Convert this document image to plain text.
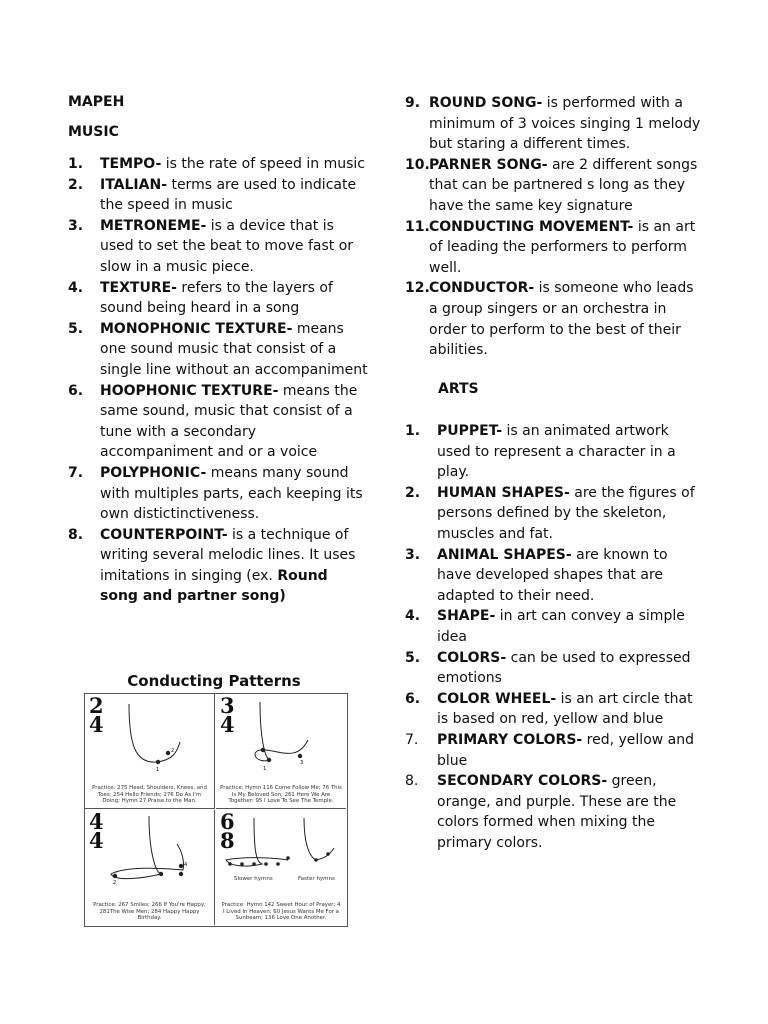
MAPEH
MUSIC
1. TEMPO- is the rate of speed in music
2. ITALIAN- terms are used to indicate the speed in music
3. METRONEME- is a device that is used to set the beat to move fast or slow in a music piece.
4. TEXTURE- refers to the layers of sound being heard in a song
5. MONOPHONIC TEXTURE- means one sound music that consist of a single line without an accompaniment
6. HOOPHONIC TEXTURE- means the same sound, music that consist of a tune with a secondary accompaniment and or a voice
7. POLYPHONIC- means many sound with multiples parts, each keeping its own distictinctiveness.
8. COUNTERPOINT- is a technique of writing several melodic lines. It uses imitations in singing (ex. Round song and partner song)
9. ROUND SONG- is performed with a minimum of 3 voices singing 1 melody but staring a different times.
10. PARNER SONG- are 2 different songs that can be partnered s long as they have the same key signature
11. CONDUCTING MOVEMENT- is an art of leading the performers to perform well.
12. CONDUCTOR- is someone who leads a group singers or an orchestra in order to perform to the best of their abilities.
ARTS
1. PUPPET- is an animated artwork used to represent a character in a play.
2. HUMAN SHAPES- are the figures of persons defined by the skeleton, muscles and fat.
3. ANIMAL SHAPES- are known to have developed shapes that are adapted to their need.
4. SHAPE- in art can convey a simple idea
5. COLORS- can be used to expressed emotions
6. COLOR WHEEL- is an art circle that is based on red, yellow and blue
7. PRIMARY COLORS- red, yellow and blue
8. SECONDARY COLORS- green, orange, and purple. These are the colors formed when mixing the primary colors.
Conducting Patterns
2
4
1
2
Practice: 275 Head, Shoulders, Knees, and Toes; 254 Hello Friends; 276 Do As I'm Doing; Hymn 27 Praise to the Man.
3
4
1
3
Practice: Hymn 116 Come Follow Me; 76 This Is My Beloved Son; 261 Here We Are Together; 95 I Love To See The Temple.
4
4
2
4
Practice: 267 Smiles; 266 If You're Happy; 281The Wise Men; 284 Happy Happy Birthday.
6
8
Slower hymns	Faster hymns
Practice: Hymn 142 Sweet Hour of Prayer; 4 I Lived In Heaven; 60 Jesus Wants Me For a Sunbeam; 136 Love One Another.
